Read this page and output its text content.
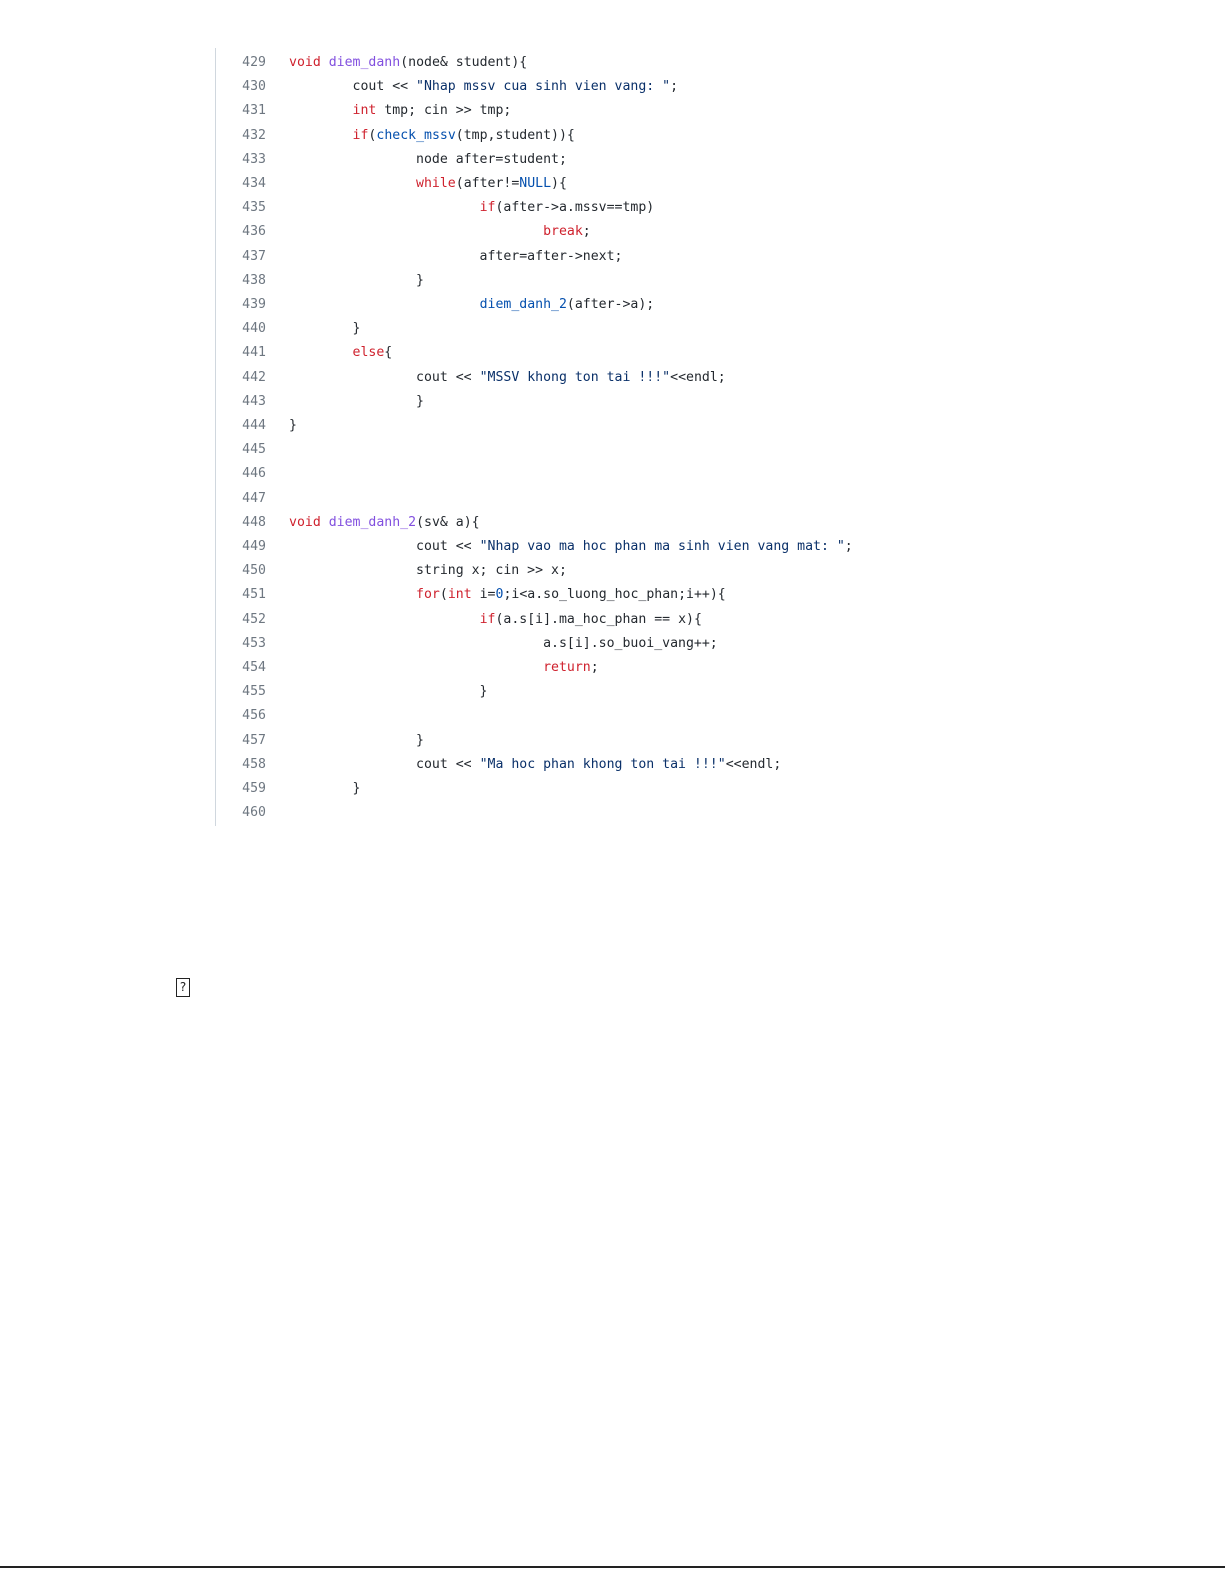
429 void diem_danh(node& student){
430 cout << "Nhap mssv cua sinh vien vang: ";
431	int tmp; cin >> tmp;
432	if(check_mssv(tmp,student)){
433 node after=student;
434	while(after!=NULL){
435	if(after->a.mssv==tmp)
436	break;
437 after=after->next;
438 }
439	diem_danh_2(after->a);
440 }
441	else{
442 cout << "MSSV khong ton tai !!!"<<endl;
443 }
444 }
445
446
447
448 void diem_danh_2(sv& a){
449 cout << "Nhap vao ma hoc phan ma sinh vien vang mat: ";
450 string x; cin >> x;
451	for(int i=0;i<a.so_luong_hoc_phan;i++){
452	if(a.s[i].ma_hoc_phan == x){
453 a.s[i].so_buoi_vang++;
454	return;
455 }
456
457 }
458 cout << "Ma hoc phan khong ton tai !!!"<<endl;
459 }
460
?
